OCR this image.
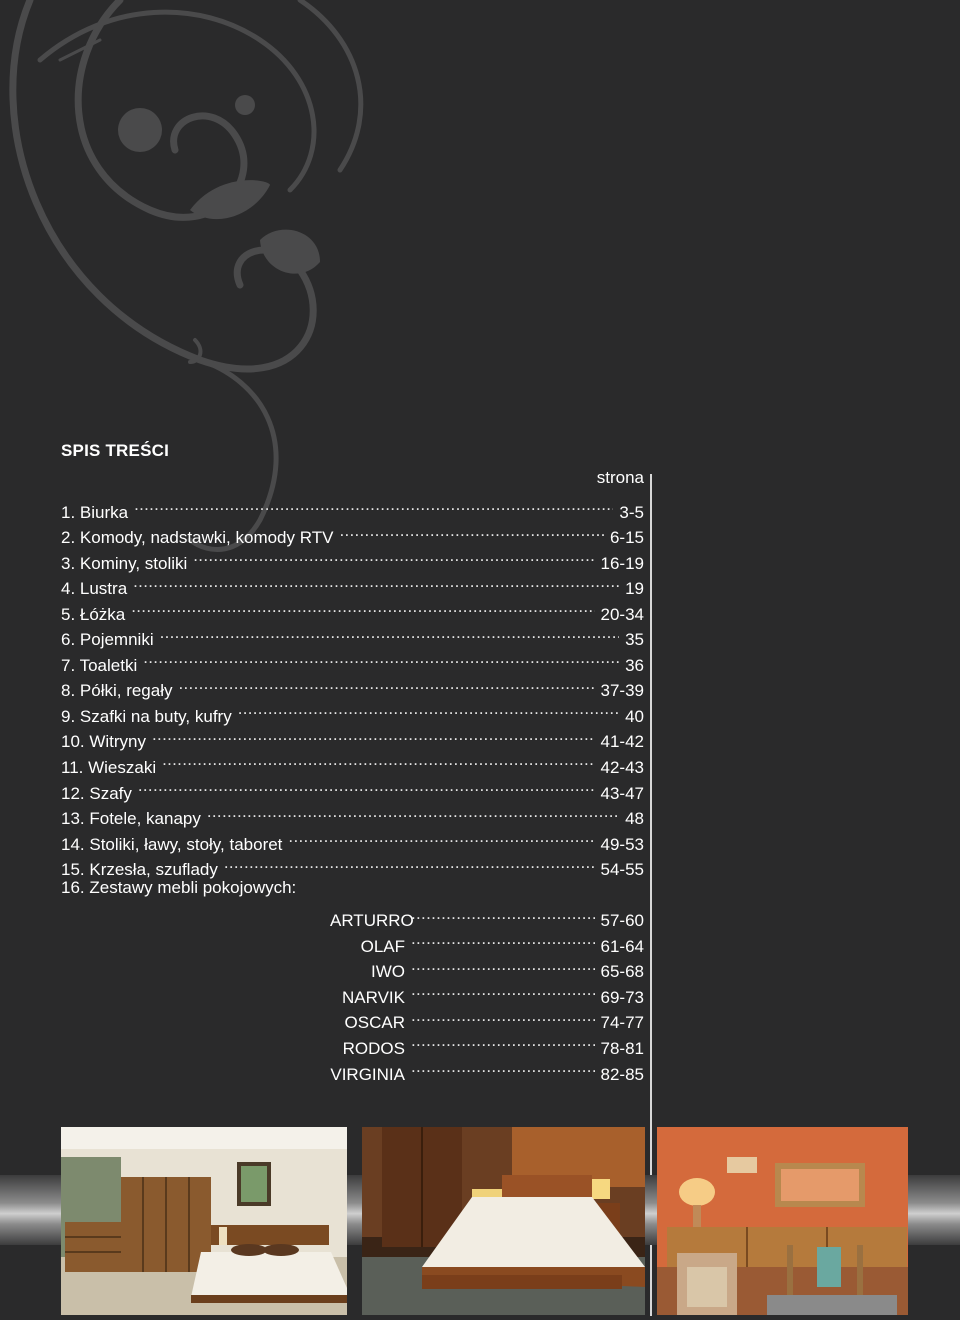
SPIS TREŚCI
strona
1. Biurka .....	3-5
2. Komody, nadstawki, komody RTV .....	6-15
3. Kominy, stoliki .....	16-19
4. Lustra .....	19
5. Łóżka .....	20-34
6. Pojemniki .....	35
7. Toaletki .....	36
8. Półki, regały .....	37-39
9. Szafki na buty, kufry .....	40
10. Witryny .....	41-42
11. Wieszaki .....	42-43
12. Szafy .....	43-47
13. Fotele, kanapy .....	48
14. Stoliki, ławy, stoły, taboret .....	49-53
15. Krzesła, szuflady .....	54-55
16. Zestawy mebli pokojowych:
ARTURRO .....	57-60
OLAF .....	61-64
IWO .....	65-68
NARVIK .....	69-73
OSCAR .....	74-77
RODOS .....	78-81
VIRGINIA .....	82-85
